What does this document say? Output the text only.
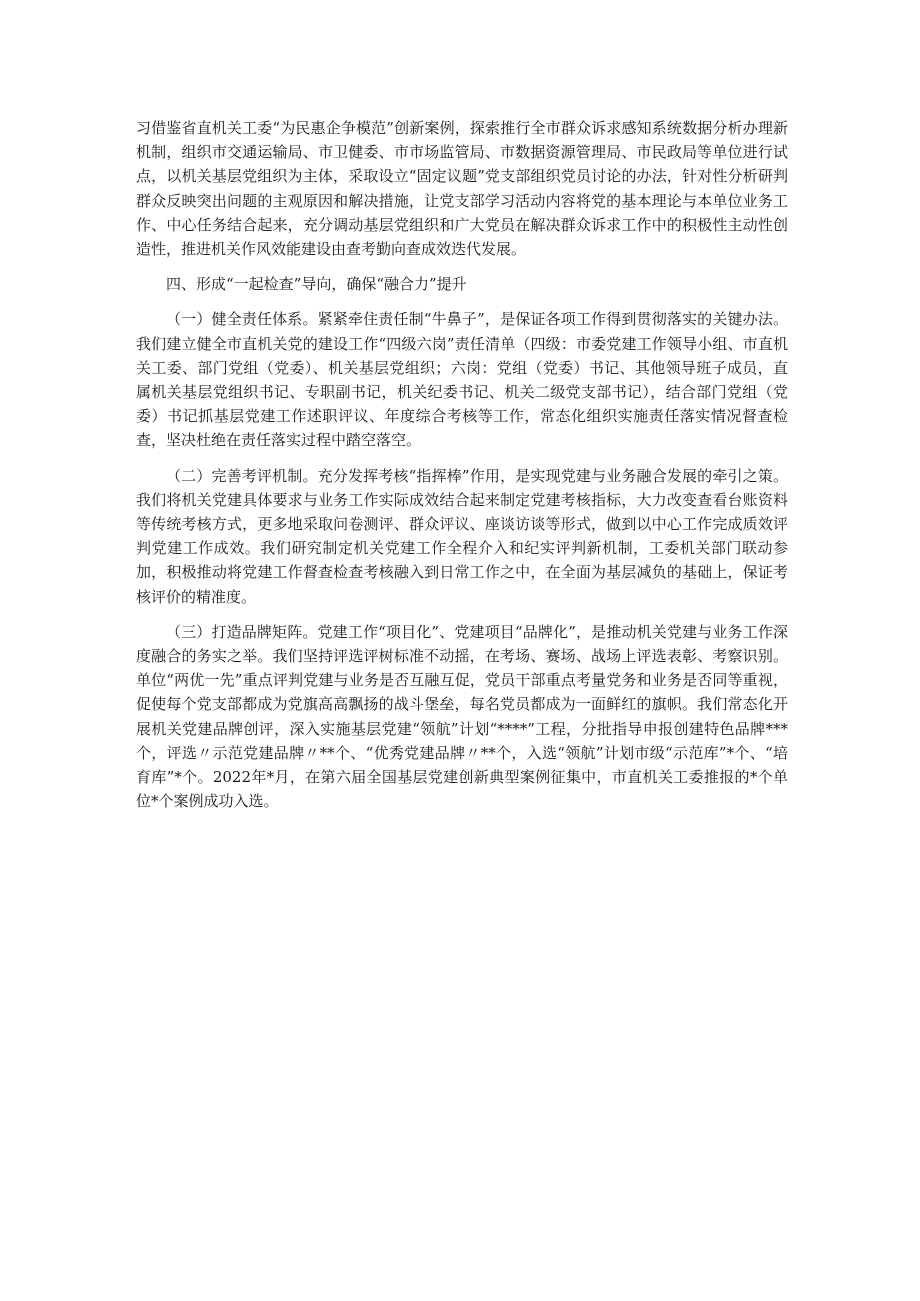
习借鉴省直机关工委“为民惠企争模范”创新案例，探索推行全市群众诉求感知系统数据分析办理新机制，组织市交通运输局、市卫健委、市市场监管局、市数据资源管理局、市民政局等单位进行试点，以机关基层党组织为主体，采取设立“固定议题”党支部组织党员讨论的办法，针对性分析研判群众反映突出问题的主观原因和解决措施，让党支部学习活动内容将党的基本理论与本单位业务工作、中心任务结合起来，充分调动基层党组织和广大党员在解决群众诉求工作中的积极性主动性创造性，推进机关作风效能建设由查考勤向查成效迭代发展。

四、形成“一起检查”导向，确保“融合力”提升

（一）健全责任体系。紧紧牵住责任制“牛鼻子”，是保证各项工作得到贯彻落实的关键办法。我们建立健全市直机关党的建设工作“四级六岗”责任清单（四级：市委党建工作领导小组、市直机关工委、部门党组（党委）、机关基层党组织；六岗：党组（党委）书记、其他领导班子成员，直属机关基层党组织书记、专职副书记，机关纪委书记、机关二级党支部书记），结合部门党组（党委）书记抓基层党建工作述职评议、年度综合考核等工作，常态化组织实施责任落实情况督查检查，坚决杜绝在责任落实过程中踏空落空。

（二）完善考评机制。充分发挥考核“指挥棒”作用，是实现党建与业务融合发展的牵引之策。我们将机关党建具体要求与业务工作实际成效结合起来制定党建考核指标，大力改变查看台账资料等传统考核方式，更多地采取问卷测评、群众评议、座谈访谈等形式，做到以中心工作完成质效评判党建工作成效。我们研究制定机关党建工作全程介入和纪实评判新机制，工委机关部门联动参加，积极推动将党建工作督查检查考核融入到日常工作之中，在全面为基层减负的基础上，保证考核评价的精准度。

（三）打造品牌矩阵。党建工作“项目化”、党建项目“品牌化”，是推动机关党建与业务工作深度融合的务实之举。我们坚持评选评树标准不动摇，在考场、赛场、战场上评选表彰、考察识别。单位“两优一先”重点评判党建与业务是否互融互促，党员干部重点考量党务和业务是否同等重视，促使每个党支部都成为党旗高高飘扬的战斗堡垒，每名党员都成为一面鲜红的旗帜。我们常态化开展机关党建品牌创评，深入实施基层党建“领航”计划“****”工程，分批指导申报创建特色品牌***个，评选〃示范党建品牌〃**个、“优秀党建品牌〃**个，入选“领航”计划市级“示范库”*个、“培育库”*个。2022年*月，在第六届全国基层党建创新典型案例征集中，市直机关工委推报的*个单位*个案例成功入选。
